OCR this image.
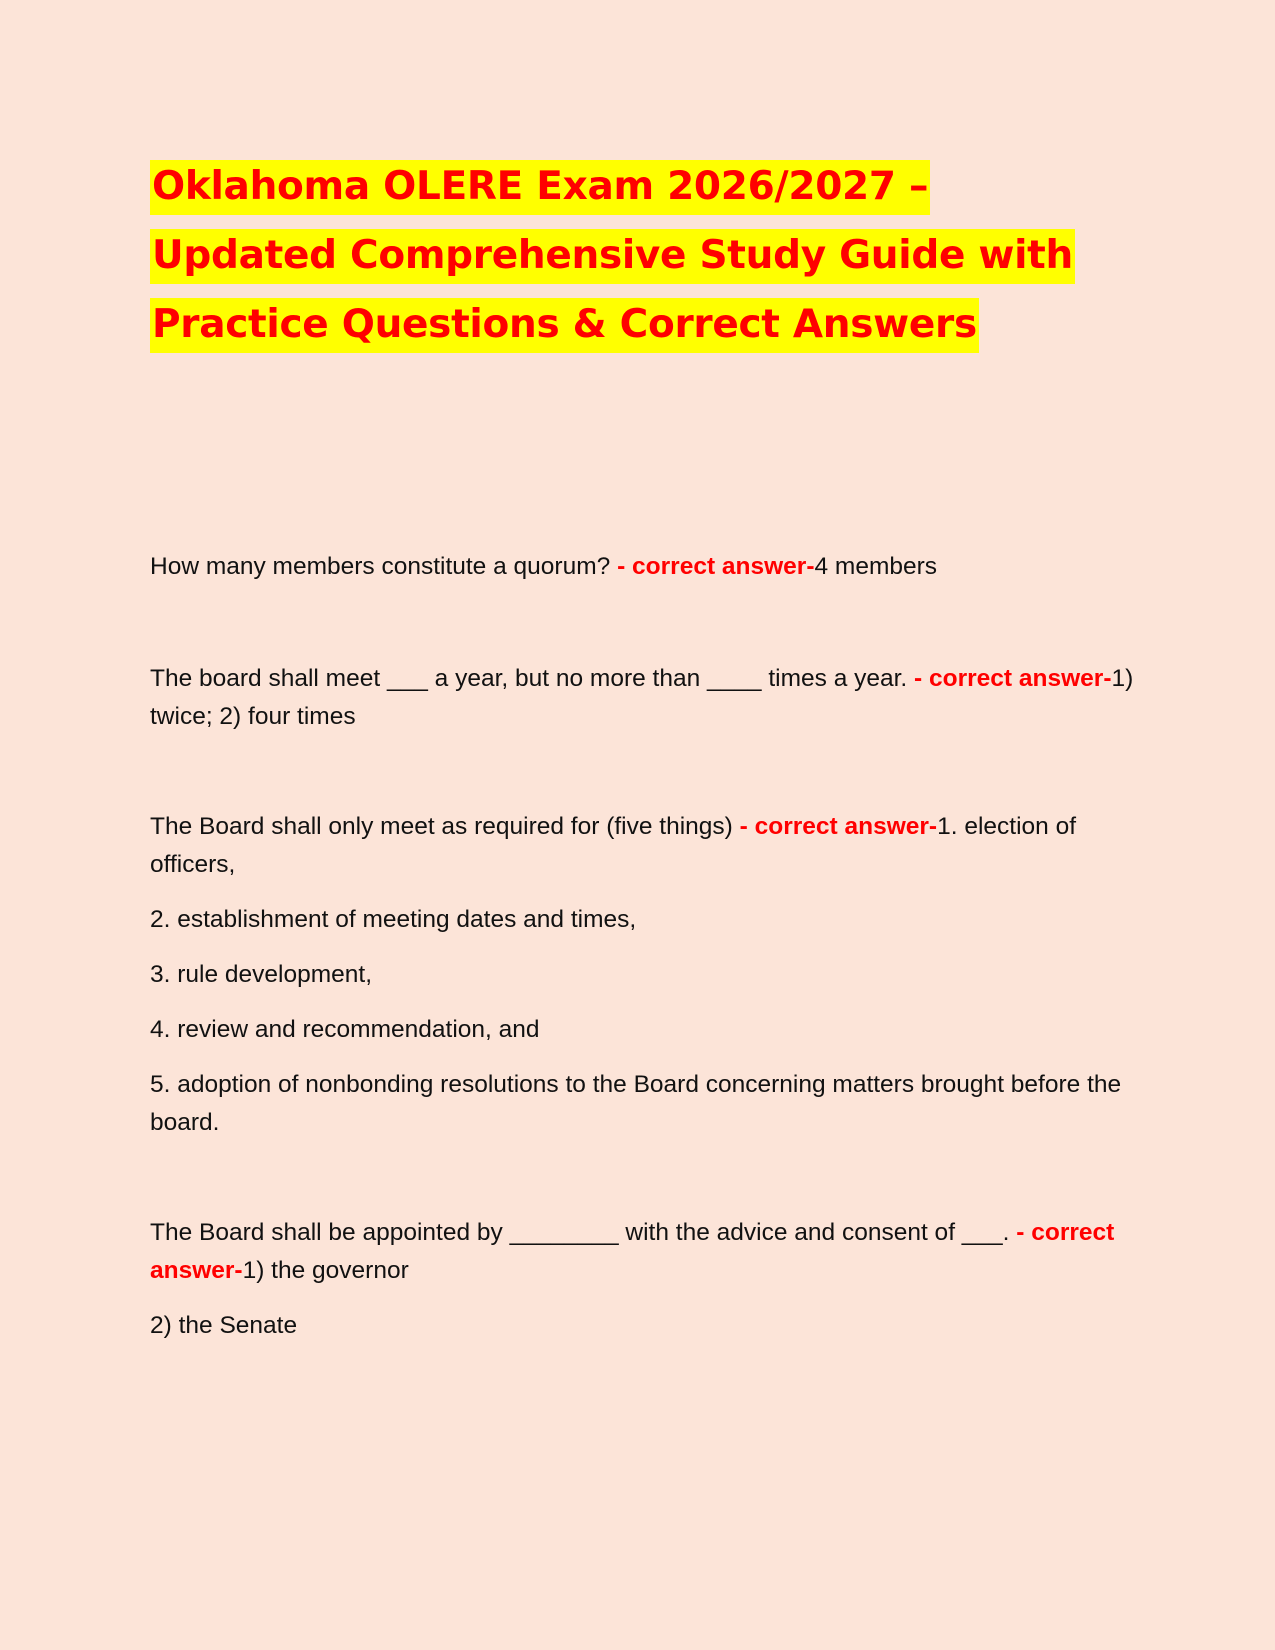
Oklahoma OLERE Exam 2026/2027 –
Updated Comprehensive Study Guide with
Practice Questions & Correct Answers

How many members constitute a quorum? - correct answer-4 members

The board shall meet ___ a year, but no more than ____ times a year. - correct answer-1) twice; 2) four times

The Board shall only meet as required for (five things) - correct answer-1. election of officers,

2. establishment of meeting dates and times,

3. rule development,

4. review and recommendation, and

5. adoption of nonbonding resolutions to the Board concerning matters brought before the board.

The Board shall be appointed by ________ with the advice and consent of ___. - correct answer-1) the governor

2) the Senate
